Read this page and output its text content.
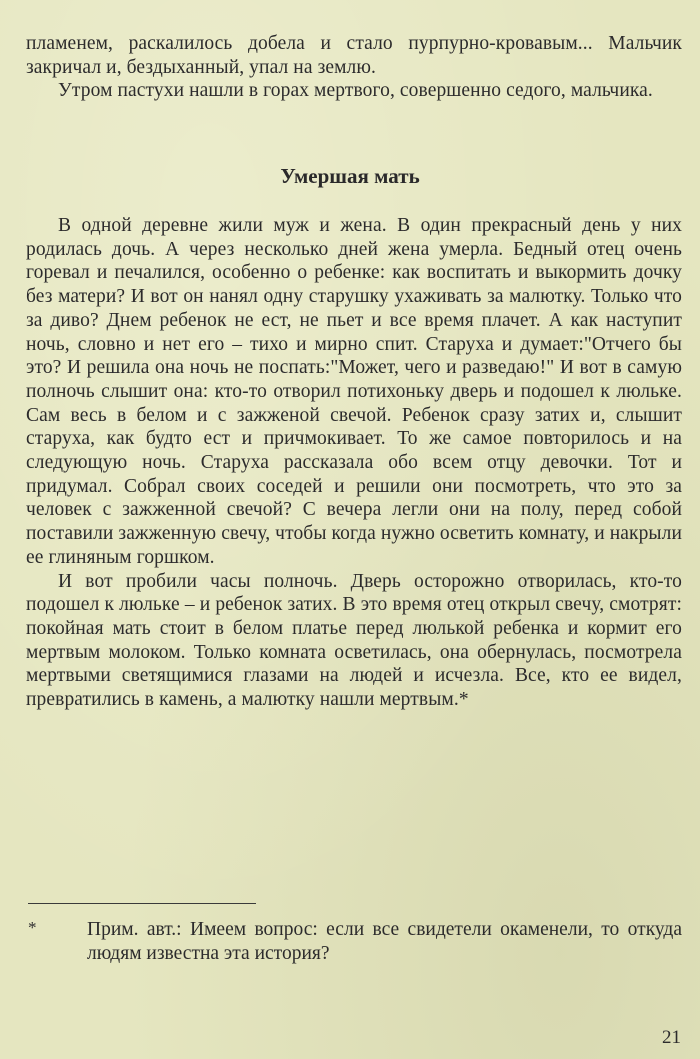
пламенем, раскалилось добела и стало пурпурно-кровавым... Мальчик закричал и, бездыханный, упал на землю.

Утром пастухи нашли в горах мертвого, совершенно седого, мальчика.

Умершая мать

В одной деревне жили муж и жена. В один прекрасный день у них родилась дочь. А через несколько дней жена умерла. Бедный отец очень горевал и печалился, особенно о ребенке: как воспитать и выкормить дочку без матери? И вот он нанял одну старушку ухаживать за малютку. Только что за диво? Днем ребенок не ест, не пьет и все время плачет. А как наступит ночь, словно и нет его – тихо и мирно спит. Старуха и думает:"Отчего бы это? И решила она ночь не поспать:"Может, чего и разведаю!" И вот в самую полночь слышит она: кто-то отворил потихоньку дверь и подошел к люльке. Сам весь в белом и с зажженой свечой. Ребенок сразу затих и, слышит старуха, как будто ест и причмокивает. То же самое повторилось и на следующую ночь. Старуха рассказала обо всем отцу девочки. Тот и придумал. Собрал своих соседей и решили они посмотреть, что это за человек с зажженной свечой? С вечера легли они на полу, перед собой поставили зажженную свечу, чтобы когда нужно осветить комнату, и накрыли ее глиняным горшком.

И вот пробили часы полночь. Дверь осторожно отворилась, кто-то подошел к люльке – и ребенок затих. В это время отец открыл свечу, смотрят: покойная мать стоит в белом платье перед люлькой ребенка и кормит его мертвым молоком. Только комната осветилась, она обернулась, посмотрела мертвыми светящимися глазами на людей и исчезла. Все, кто ее видел, превратились в камень, а малютку нашли мертвым.*

*	Прим. авт.: Имеем вопрос: если все свидетели окаменели, то откуда людям известна эта история?
21
